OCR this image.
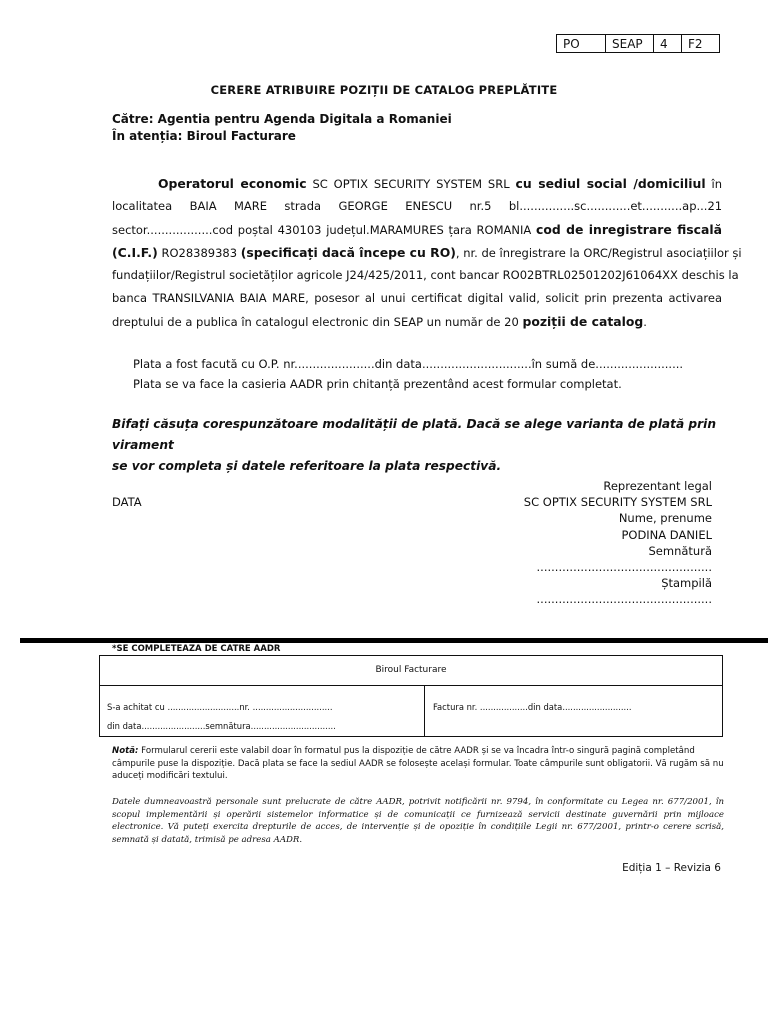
PO	SEAP	4	F2
CERERE ATRIBUIRE POZIȚII DE CATALOG PREPLĂTITE
Către: Agentia pentru Agenda Digitala a Romaniei
În atenția: Biroul Facturare
Operatorul economic SC OPTIX SECURITY SYSTEM SRL cu sediul social /domiciliul în
localitatea BAIA MARE strada GEORGE ENESCU nr.5 bl...............sc............et...........ap...21
sector..................cod poștal 430103 județul.MARAMURES țara ROMANIA cod de inregistrare fiscală
(C.I.F.) RO28389383 (specificați dacă începe cu RO), nr. de înregistrare la ORC/Registrul asociațiilor și
fundațiilor/Registrul societăților agricole J24/425/2011, cont bancar RO02BTRL02501202J61064XX deschis la
banca TRANSILVANIA BAIA MARE, posesor al unui certificat digital valid, solicit prin prezenta activarea
dreptului de a publica în catalogul electronic din SEAP un număr de 20 poziții de catalog.
Plata a fost facută cu O.P. nr......................din data..............................în sumă de........................
Plata se va face la casieria AADR prin chitanță prezentând acest formular completat.
Bifați căsuța corespunzătoare modalității de plată. Dacă se alege varianta de plată prin virament
se vor completa și datele referitoare la plata respectivă.
DATA
Reprezentant legal
SC OPTIX SECURITY SYSTEM SRL
Nume, prenume
PODINA DANIEL
Semnătură
................................................
Ștampilă
................................................
*SE COMPLETEAZA DE CATRE AADR
Biroul Facturare
S-a achitat cu ...........................nr. ..............................
din data........................semnătura................................
Factura nr. ..................din data..........................
Notă: Formularul cererii este valabil doar în formatul pus la dispoziție de către AADR și se va încadra într-o singură pagină completând câmpurile puse la dispoziție. Dacă plata se face la sediul AADR se folosește același formular. Toate câmpurile sunt obligatorii. Vă rugăm să nu aduceți modificări textului.
Datele dumneavoastră personale sunt prelucrate de către AADR, potrivit notificării nr. 9794, în conformitate cu Legea nr. 677/2001, în scopul implementării și operării sistemelor informatice și de comunicații ce furnizează servicii destinate guvernării prin mijloace electronice. Vă puteți exercita drepturile de acces, de intervenție și de opoziție în condițiile Legii nr. 677/2001, printr-o cerere scrisă, semnată și datată, trimisă pe adresa AADR.
Ediția 1 – Revizia 6
